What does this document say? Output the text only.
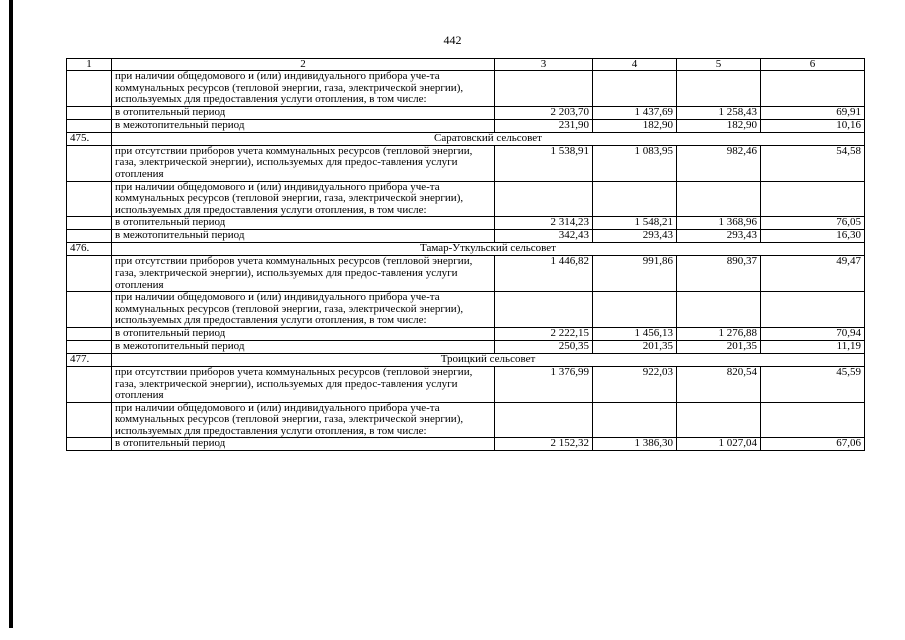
442
1	2	3	4	5	6
	при наличии общедомового и (или) индивидуального прибора уче-та коммунальных ресурсов (тепловой энергии, газа, электрической энергии), используемых для предоставления услуги отопления, в том числе:				
	в отопительный период	2 203,70	1 437,69	1 258,43	69,91
	в межотопительный период	231,90	182,90	182,90	10,16
475.	Саратовский сельсовет				
	при отсутствии приборов учета коммунальных ресурсов (тепловой энергии, газа, электрической энергии), используемых для предос-тавления услуги отопления	1 538,91	1 083,95	982,46	54,58
	при наличии общедомового и (или) индивидуального прибора уче-та коммунальных ресурсов (тепловой энергии, газа, электрической энергии), используемых для предоставления услуги отопления, в том числе:				
	в отопительный период	2 314,23	1 548,21	1 368,96	76,05
	в межотопительный период	342,43	293,43	293,43	16,30
476.	Тамар-Уткульский сельсовет				
	при отсутствии приборов учета коммунальных ресурсов (тепловой энергии, газа, электрической энергии), используемых для предос-тавления услуги отопления	1 446,82	991,86	890,37	49,47
	при наличии общедомового и (или) индивидуального прибора уче-та коммунальных ресурсов (тепловой энергии, газа, электрической энергии), используемых для предоставления услуги отопления, в том числе:				
	в отопительный период	2 222,15	1 456,13	1 276,88	70,94
	в межотопительный период	250,35	201,35	201,35	11,19
477.	Троицкий сельсовет				
	при отсутствии приборов учета коммунальных ресурсов (тепловой энергии, газа, электрической энергии), используемых для предос-тавления услуги отопления	1 376,99	922,03	820,54	45,59
	при наличии общедомового и (или) индивидуального прибора уче-та коммунальных ресурсов (тепловой энергии, газа, электрической энергии), используемых для предоставления услуги отопления, в том числе:				
	в отопительный период	2 152,32	1 386,30	1 027,04	67,06
